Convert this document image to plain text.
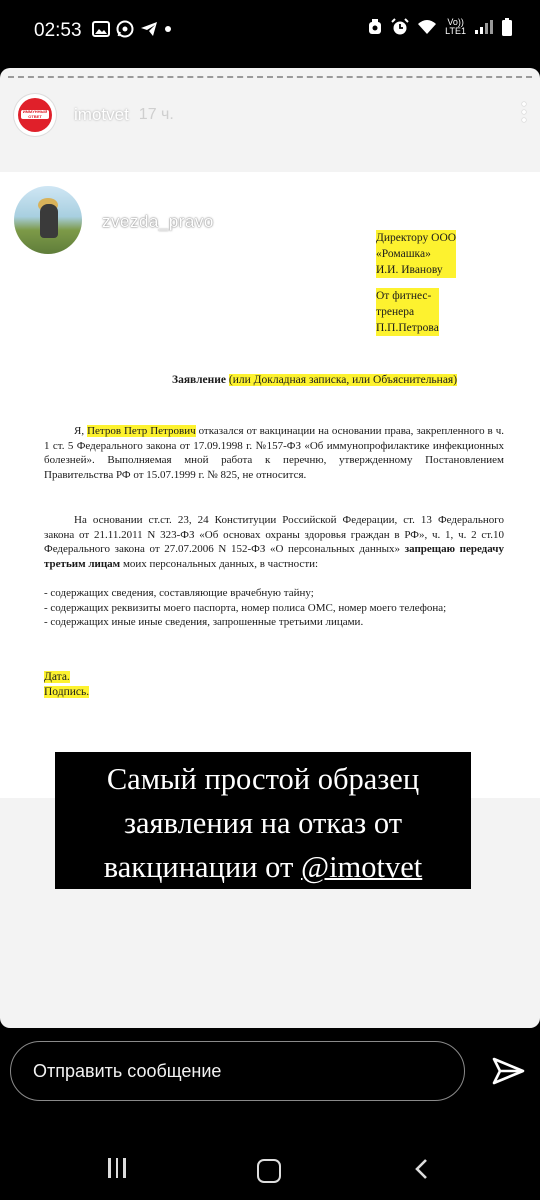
02:53	Vo))
LTE1
ИММУННЫЙ ОТВЕТ	imotvet 17 ч.
zvezda_pravo
Директору ООО
«Ромашка»
И.И. Иванову
От фитнес-
тренера
П.П.Петрова
Заявление (или Докладная записка, или Объяснительная)

Я, Петров Петр Петрович отказался от вакцинации на основании права, закрепленного в ч. 1 ст. 5 Федерального закона от 17.09.1998 г. №157-ФЗ «Об иммунопрофилактике инфекционных болезней». Выполняемая мной работа к перечню, утвержденному Постановлением Правительства РФ от 15.07.1999 г. № 825, не относится.

На основании ст.ст. 23, 24 Конституции Российской Федерации, ст. 13 Федерального закона от 21.11.2011 N 323-ФЗ «Об основах охраны здоровья граждан в РФ», ч. 1, ч. 2 ст.10 Федерального закона от 27.07.2006 N 152-ФЗ «О персональных данных» запрещаю передачу третьим лицам моих персональных данных, в частности:

- содержащих сведения, составляющие врачебную тайну;
- содержащих реквизиты моего паспорта, номер полиса ОМС, номер моего телефона;
- содержащих иные иные сведения, запрошенные третьими лицами.

Дата.
Подпись.
Самый простой образец
заявления на отказ от
вакцинации от @imotvet
Отправить сообщение
